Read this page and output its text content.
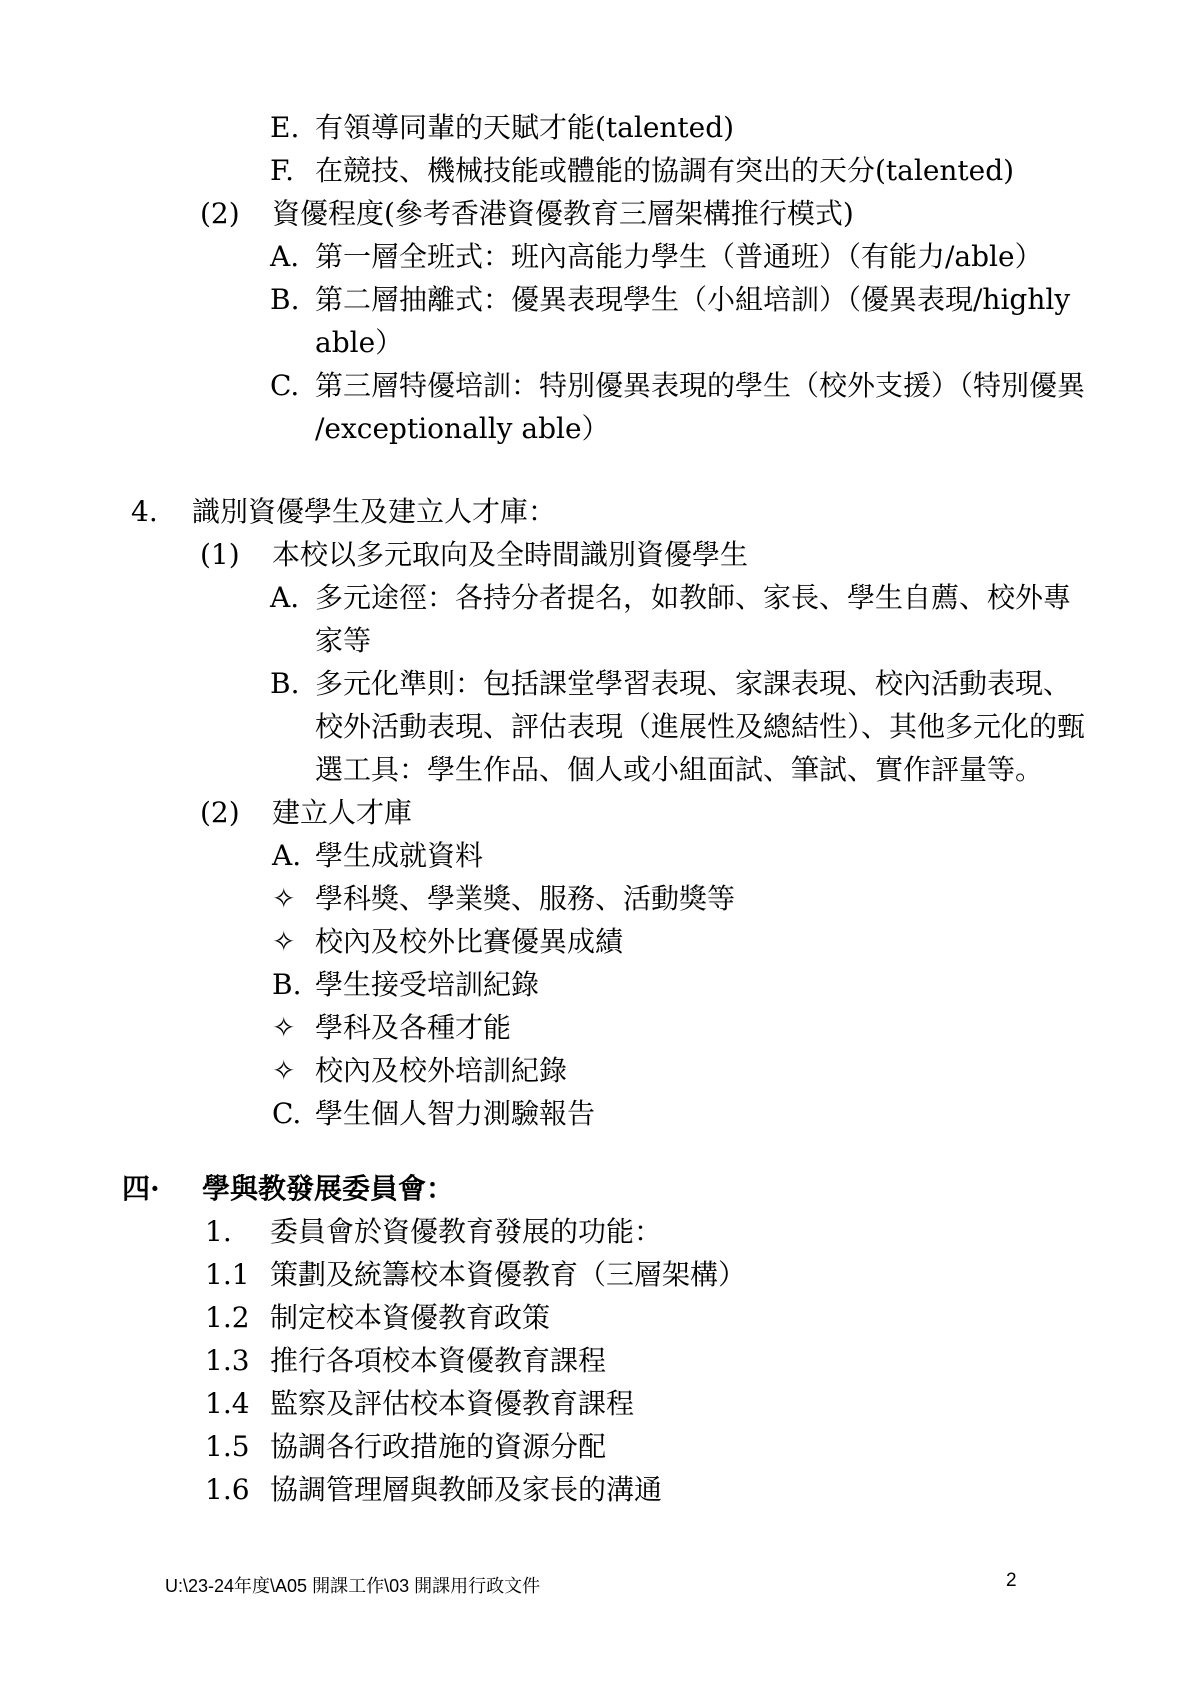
E. 有領導同輩的天賦才能(talented)
F. 在競技、機械技能或體能的協調有突出的天分(talented)
(2)	資優程度(參考香港資優教育三層架構推行模式)
A. 第一層全班式：班內高能力學生（普通班）（有能力/able）
B. 第二層抽離式：優異表現學生（小組培訓）（優異表現/highly
able）
C. 第三層特優培訓：特別優異表現的學生（校外支援）（特別優異
/exceptionally able）
4.	識別資優學生及建立人才庫：
(1)	本校以多元取向及全時間識別資優學生
A. 多元途徑：各持分者提名，如教師、家長、學生自薦、校外專
家等
B. 多元化準則：包括課堂學習表現、家課表現、校內活動表現、
校外活動表現、評估表現（進展性及總結性）、其他多元化的甄
選工具：學生作品、個人或小組面試、筆試、實作評量等。
(2)	建立人才庫
A. 學生成就資料
✧ 學科獎、學業獎、服務、活動獎等
✧ 校內及校外比賽優異成績
B. 學生接受培訓紀錄
✧ 學科及各種才能
✧ 校內及校外培訓紀錄
C. 學生個人智力測驗報告
四·	學與教發展委員會：
1.	委員會於資優教育發展的功能：
1.1 策劃及統籌校本資優教育（三層架構）
1.2 制定校本資優教育政策
1.3 推行各項校本資優教育課程
1.4 監察及評估校本資優教育課程
1.5 協調各行政措施的資源分配
1.6 協調管理層與教師及家長的溝通
U:\23-24年度\A05 開課工作\03 開課用行政文件	2
